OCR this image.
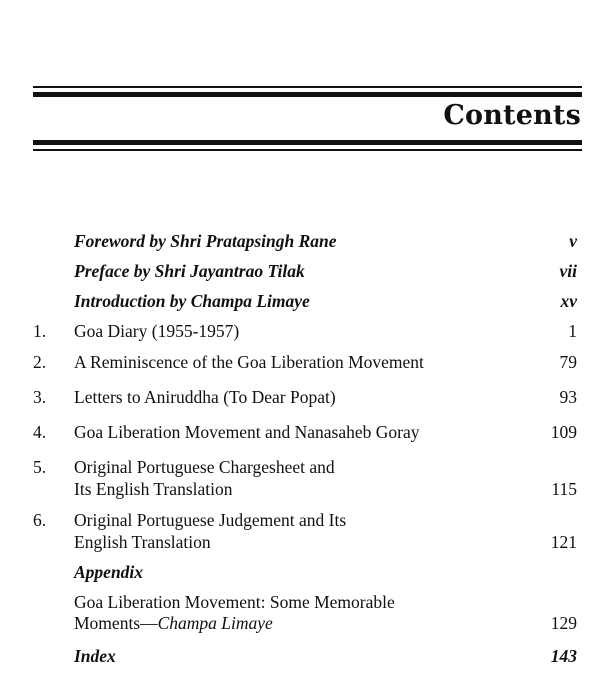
Contents
Foreword by Shri Pratapsingh Rane	v
Preface by Shri Jayantrao Tilak	vii
Introduction by Champa Limaye	xv
1. Goa Diary (1955-1957)	1
2. A Reminiscence of the Goa Liberation Movement	79
3. Letters to Aniruddha (To Dear Popat)	93
4. Goa Liberation Movement and Nanasaheb Goray	109
5. Original Portuguese Chargesheet and
Its English Translation	115
6. Original Portuguese Judgement and Its
English Translation	121
Appendix
Goa Liberation Movement: Some Memorable
Moments—Champa Limaye	129
Index	143
